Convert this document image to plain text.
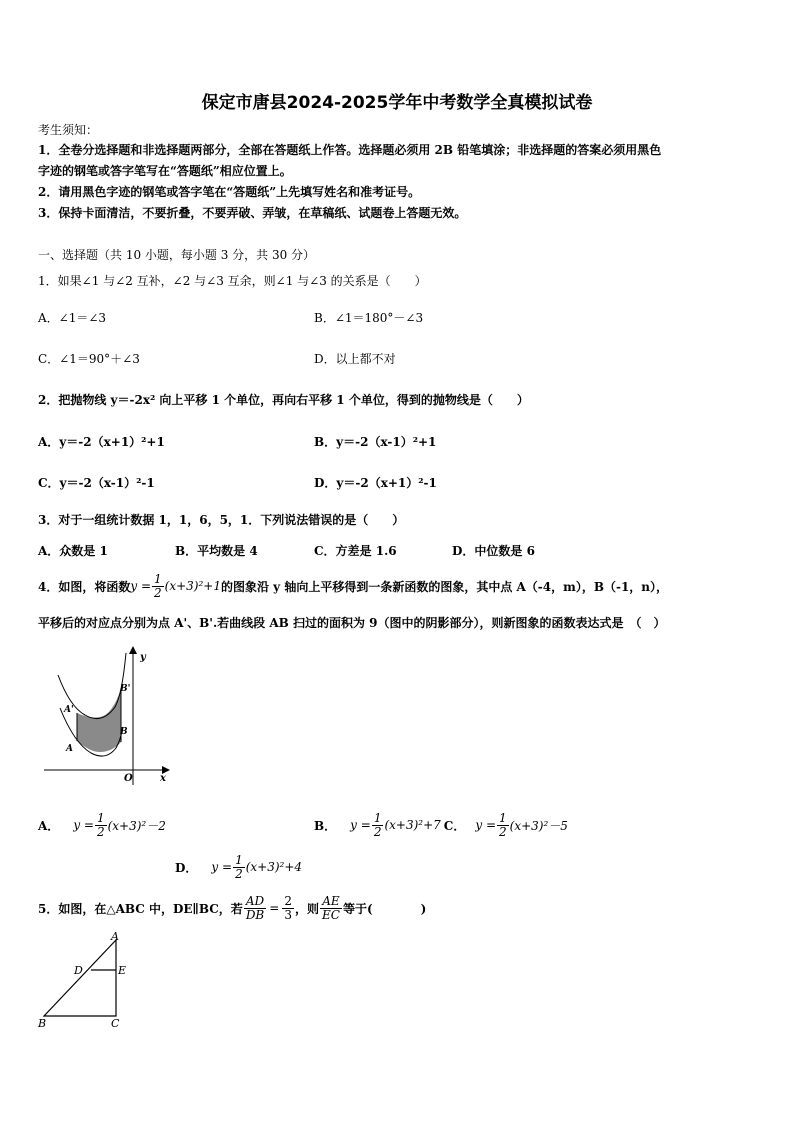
保定市唐县2024-2025学年中考数学全真模拟试卷
考生须知：
1．全卷分选择题和非选择题两部分，全部在答题纸上作答。选择题必须用 2B 铅笔填涂；非选择题的答案必须用黑色
字迹的钢笔或答字笔写在“答题纸”相应位置上。
2．请用黑色字迹的钢笔或答字笔在“答题纸”上先填写姓名和准考证号。
3．保持卡面清洁，不要折叠，不要弄破、弄皱，在草稿纸、试题卷上答题无效。
一、选择题（共 10 小题，每小题 3 分，共 30 分）
1．如果∠1 与∠2 互补，∠2 与∠3 互余，则∠1 与∠3 的关系是（　　）
A．∠1＝∠3	B．∠1＝180°－∠3
C．∠1＝90°＋∠3	D．以上都不对
2．把抛物线 y＝-2x² 向上平移 1 个单位，再向右平移 1 个单位，得到的抛物线是（　　）
A．y＝-2（x+1）²+1	B．y＝-2（x-1）²+1
C．y＝-2（x-1）²-1	D．y＝-2（x+1）²-1
3．对于一组统计数据 1，1，6，5，1．下列说法错误的是（　　）
A．众数是 1	B．平均数是 4	C．方差是 1.6	D．中位数是 6
4．如图，将函数 $y = \frac{1}{2} (x+3)^2+1$ 的图象沿 y 轴向上平移得到一条新函数的图象，其中点 A（-4，m），B（-1，n），
平移后的对应点分别为点 A'、B'.若曲线段 AB 扫过的面积为 9（图中的阴影部分），则新图象的函数表达式是　（　）
y
x
O
A
A'
B
B'
A． $y = \frac{1}{2} (x+3)^2-2$	B． $y = \frac{1}{2} (x+3)^2+7$ C． $y = \frac{1}{2} (x+3)^2-5$
D． $y = \frac{1}{2} (x+3)^2+4$
5．如图，在△ABC 中，DE∥BC，若 $\frac{AD}{DB} = \frac{2}{3}$ ，则 $\frac{AE}{EC}$ 等于(　　　　)
A
D	E
B	C
